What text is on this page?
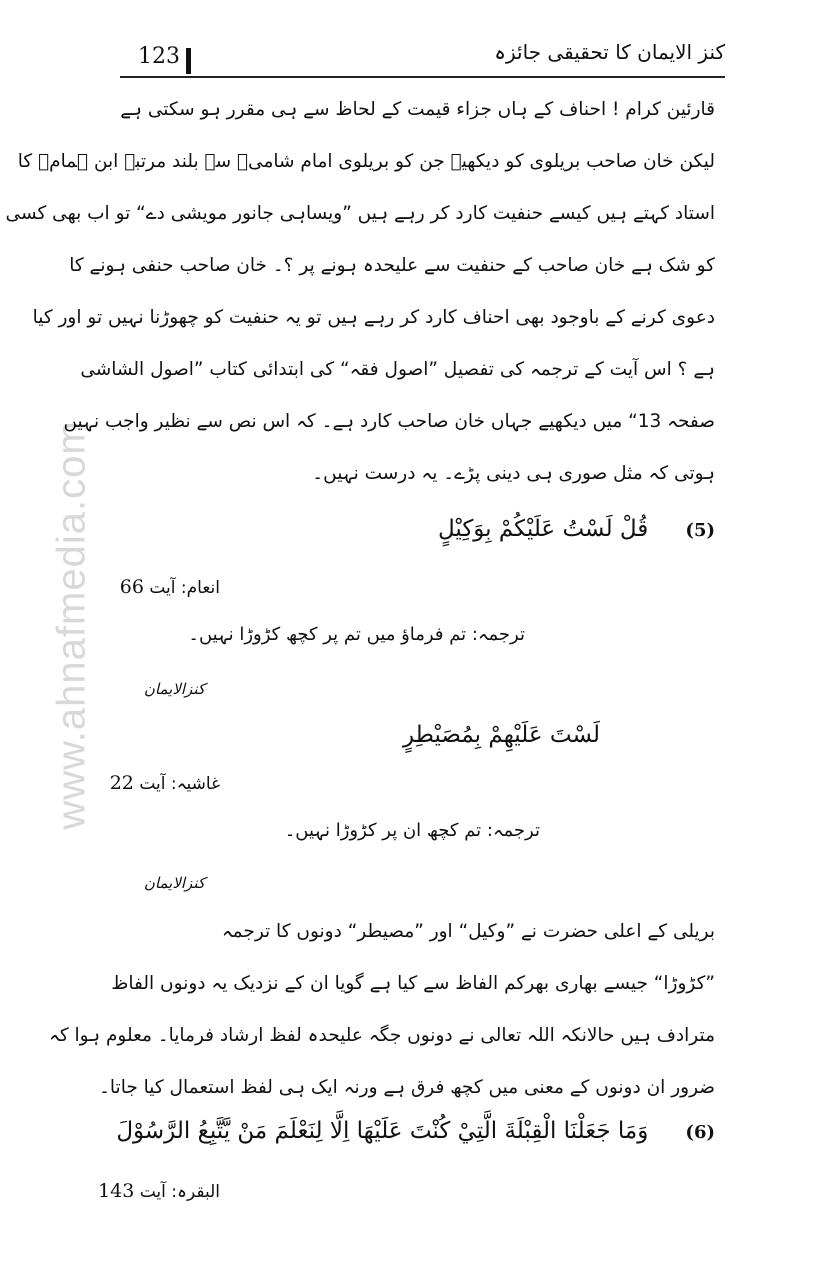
123	کنز الایمان کا تحقیقی جائزہ
www.ahnafmedia.com
قارئین کرام ! احناف کے ہاں جزاء قیمت کے لحاظ سے ہی مقرر ہو سکتی ہے
لیکن خان صاحب بریلوی کو دیکھیے جن کو بریلوی امام شامیؒ سے بلند مرتبہ ابن ہمامؒ کا
استاد کہتے ہیں کیسے حنفیت کارد کر رہے ہیں ”ویساہی جانور مویشی دے“ تو اب بھی کسی
کو شک ہے خان صاحب کے حنفیت سے علیحدہ ہونے پر ؟۔ خان صاحب حنفی ہونے کا
دعوی کرنے کے باوجود بھی احناف کارد کر رہے ہیں تو یہ حنفیت کو چھوڑنا نہیں تو اور کیا
ہے ؟ اس آیت کے ترجمہ کی تفصیل ”اصول فقہ“ کی ابتدائی کتاب ”اصول الشاشی
صفحہ 13“ میں دیکھیے جہاں خان صاحب کارد ہے۔ کہ اس نص سے نظیر واجب نہیں
ہوتی کہ مثل صوری ہی دینی پڑے۔ یہ درست نہیں۔
(5) قُلْ لَسْتُ عَلَيْكُمْ بِوَكِيْلٍ
انعام: آیت 66
ترجمہ: تم فرماؤ میں تم پر کچھ کڑوڑا نہیں۔
کنزالایمان
لَسْتَ عَلَيْهِمْ بِمُصَيْطِرٍ
غاشیہ: آیت 22
ترجمہ: تم کچھ ان پر کڑوڑا نہیں۔
کنزالایمان
بریلی کے اعلی حضرت نے ”وکیل“ اور ”مصیطر“ دونوں کا ترجمہ
”کڑوڑا“ جیسے بھاری بھرکم الفاظ سے کیا ہے گویا ان کے نزدیک یہ دونوں الفاظ
مترادف ہیں حالانکہ اللہ تعالی نے دونوں جگہ علیحدہ لفظ ارشاد فرمایا۔ معلوم ہوا کہ
ضرور ان دونوں کے معنی میں کچھ فرق ہے ورنہ ایک ہی لفظ استعمال کیا جاتا۔
(6) وَمَا جَعَلْنَا الْقِبْلَةَ الَّتِيْ كُنْتَ عَلَيْهَا اِلَّا لِنَعْلَمَ مَنْ يَّتَّبِعُ الرَّسُوْلَ
البقرہ: آیت 143
